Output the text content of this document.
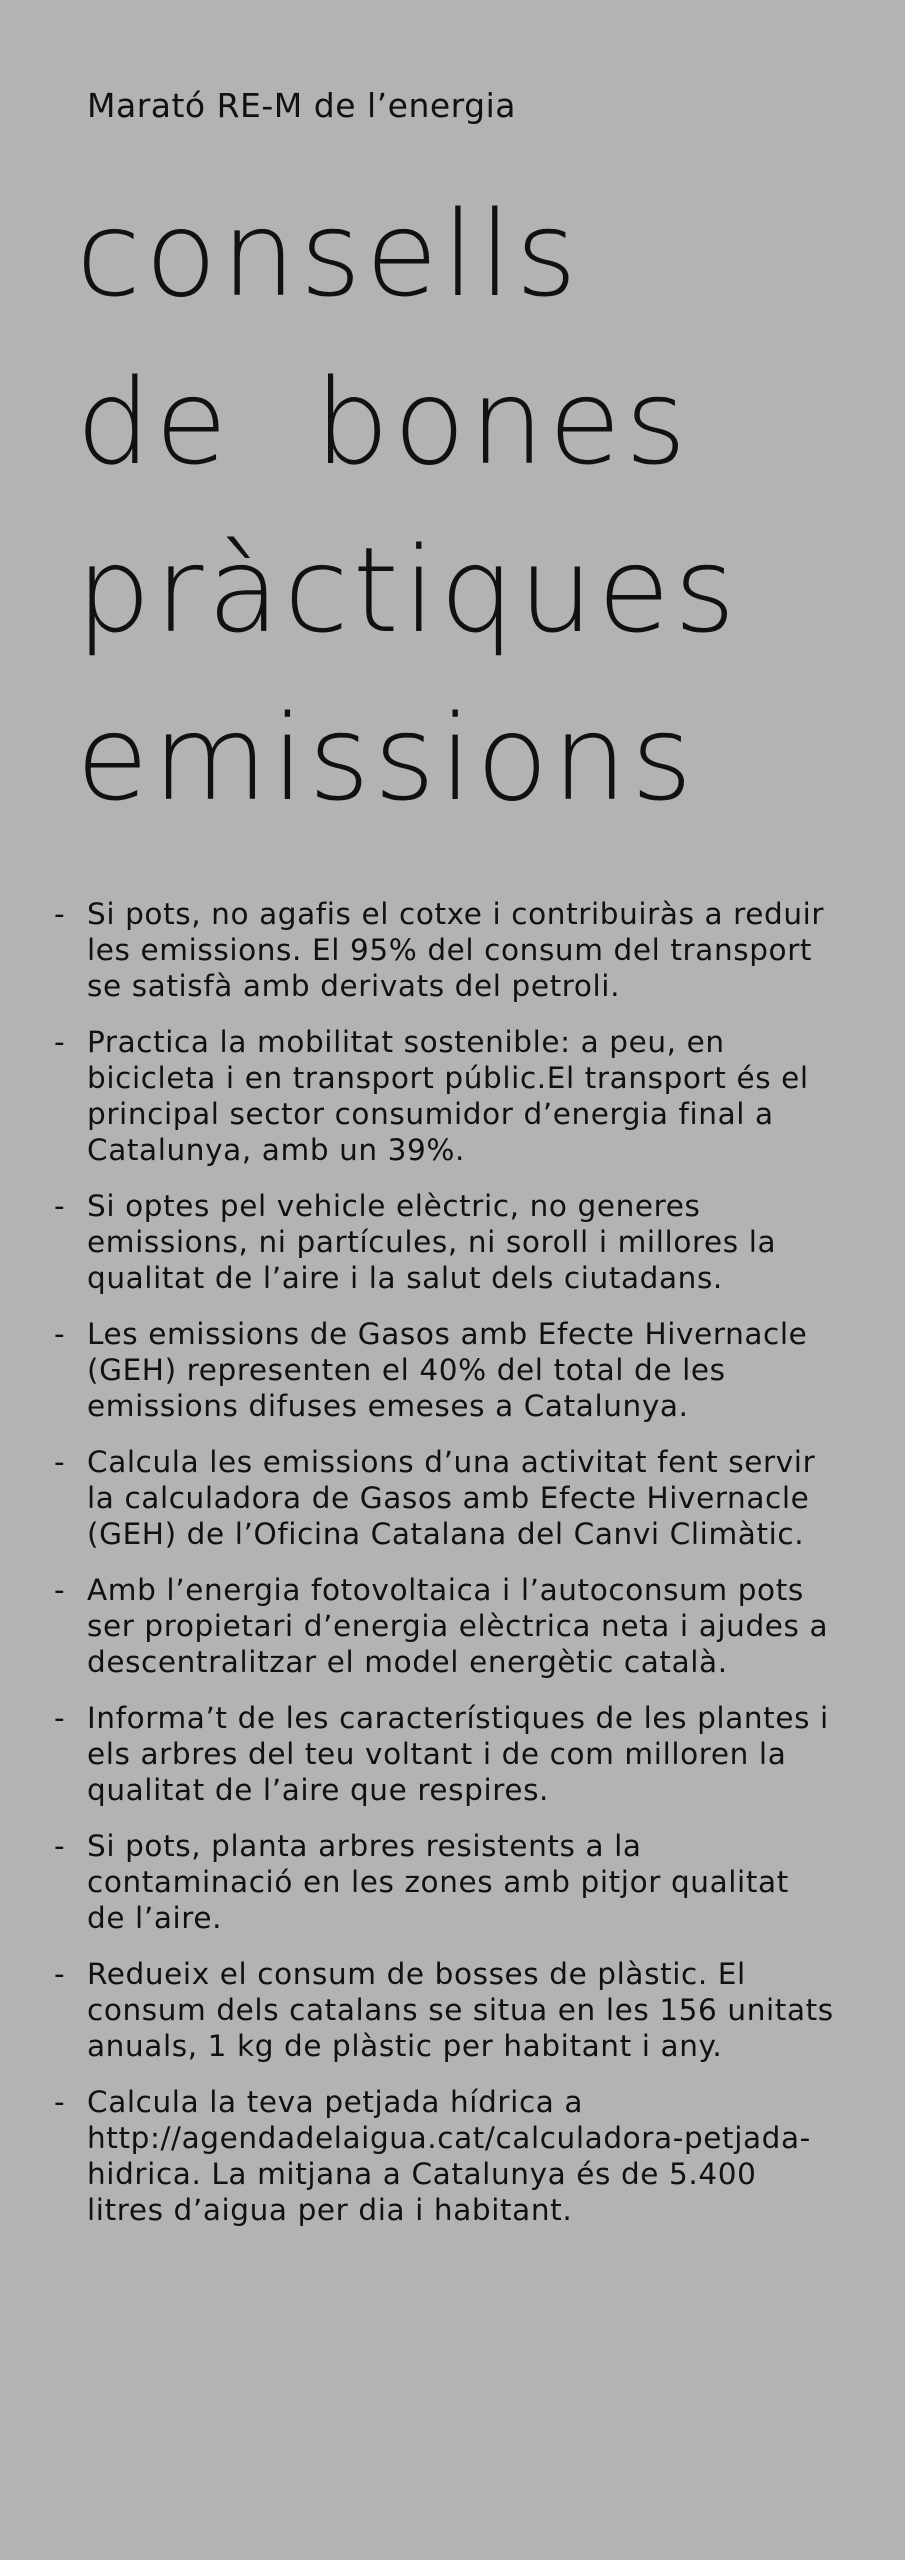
Marató RE-M de l’energia
consells
de  bones
pràctiques
emissions
- Si pots, no agafis el cotxe i contribuiràs a reduir les emissions. El 95% del consum del transport se satisfà amb derivats del petroli.
- Practica la mobilitat sostenible: a peu, en bicicleta i en transport públic.El transport és el principal sector consumidor d’energia final a Catalunya, amb un 39%.
- Si optes pel vehicle elèctric, no generes emissions, ni partícules, ni soroll i millores la qualitat de l’aire i la salut dels ciutadans.
- Les emissions de Gasos amb Efecte Hivernacle (GEH) representen el 40% del total de les emissions difuses emeses a Catalunya.
- Calcula les emissions d’una activitat fent servir la calculadora de Gasos amb Efecte Hivernacle (GEH) de l’Oficina Catalana del Canvi Climàtic.
- Amb l’energia fotovoltaica i l’autoconsum pots ser propietari d’energia elèctrica neta i ajudes a descentralitzar el model energètic català.
- Informa’t de les característiques de les plantes i els arbres del teu voltant i de com milloren la qualitat de l’aire que respires.
- Si pots, planta arbres resistents a la contaminació en les zones amb pitjor qualitat de l’aire.
- Redueix el consum de bosses de plàstic. El consum dels catalans se situa en les 156 unitats anuals, 1 kg de plàstic per habitant i any.
- Calcula la teva petjada hídrica a http://agendadelaigua.cat/calculadora-petjada-hidrica. La mitjana a Catalunya és de 5.400 litres d’aigua per dia i habitant.
